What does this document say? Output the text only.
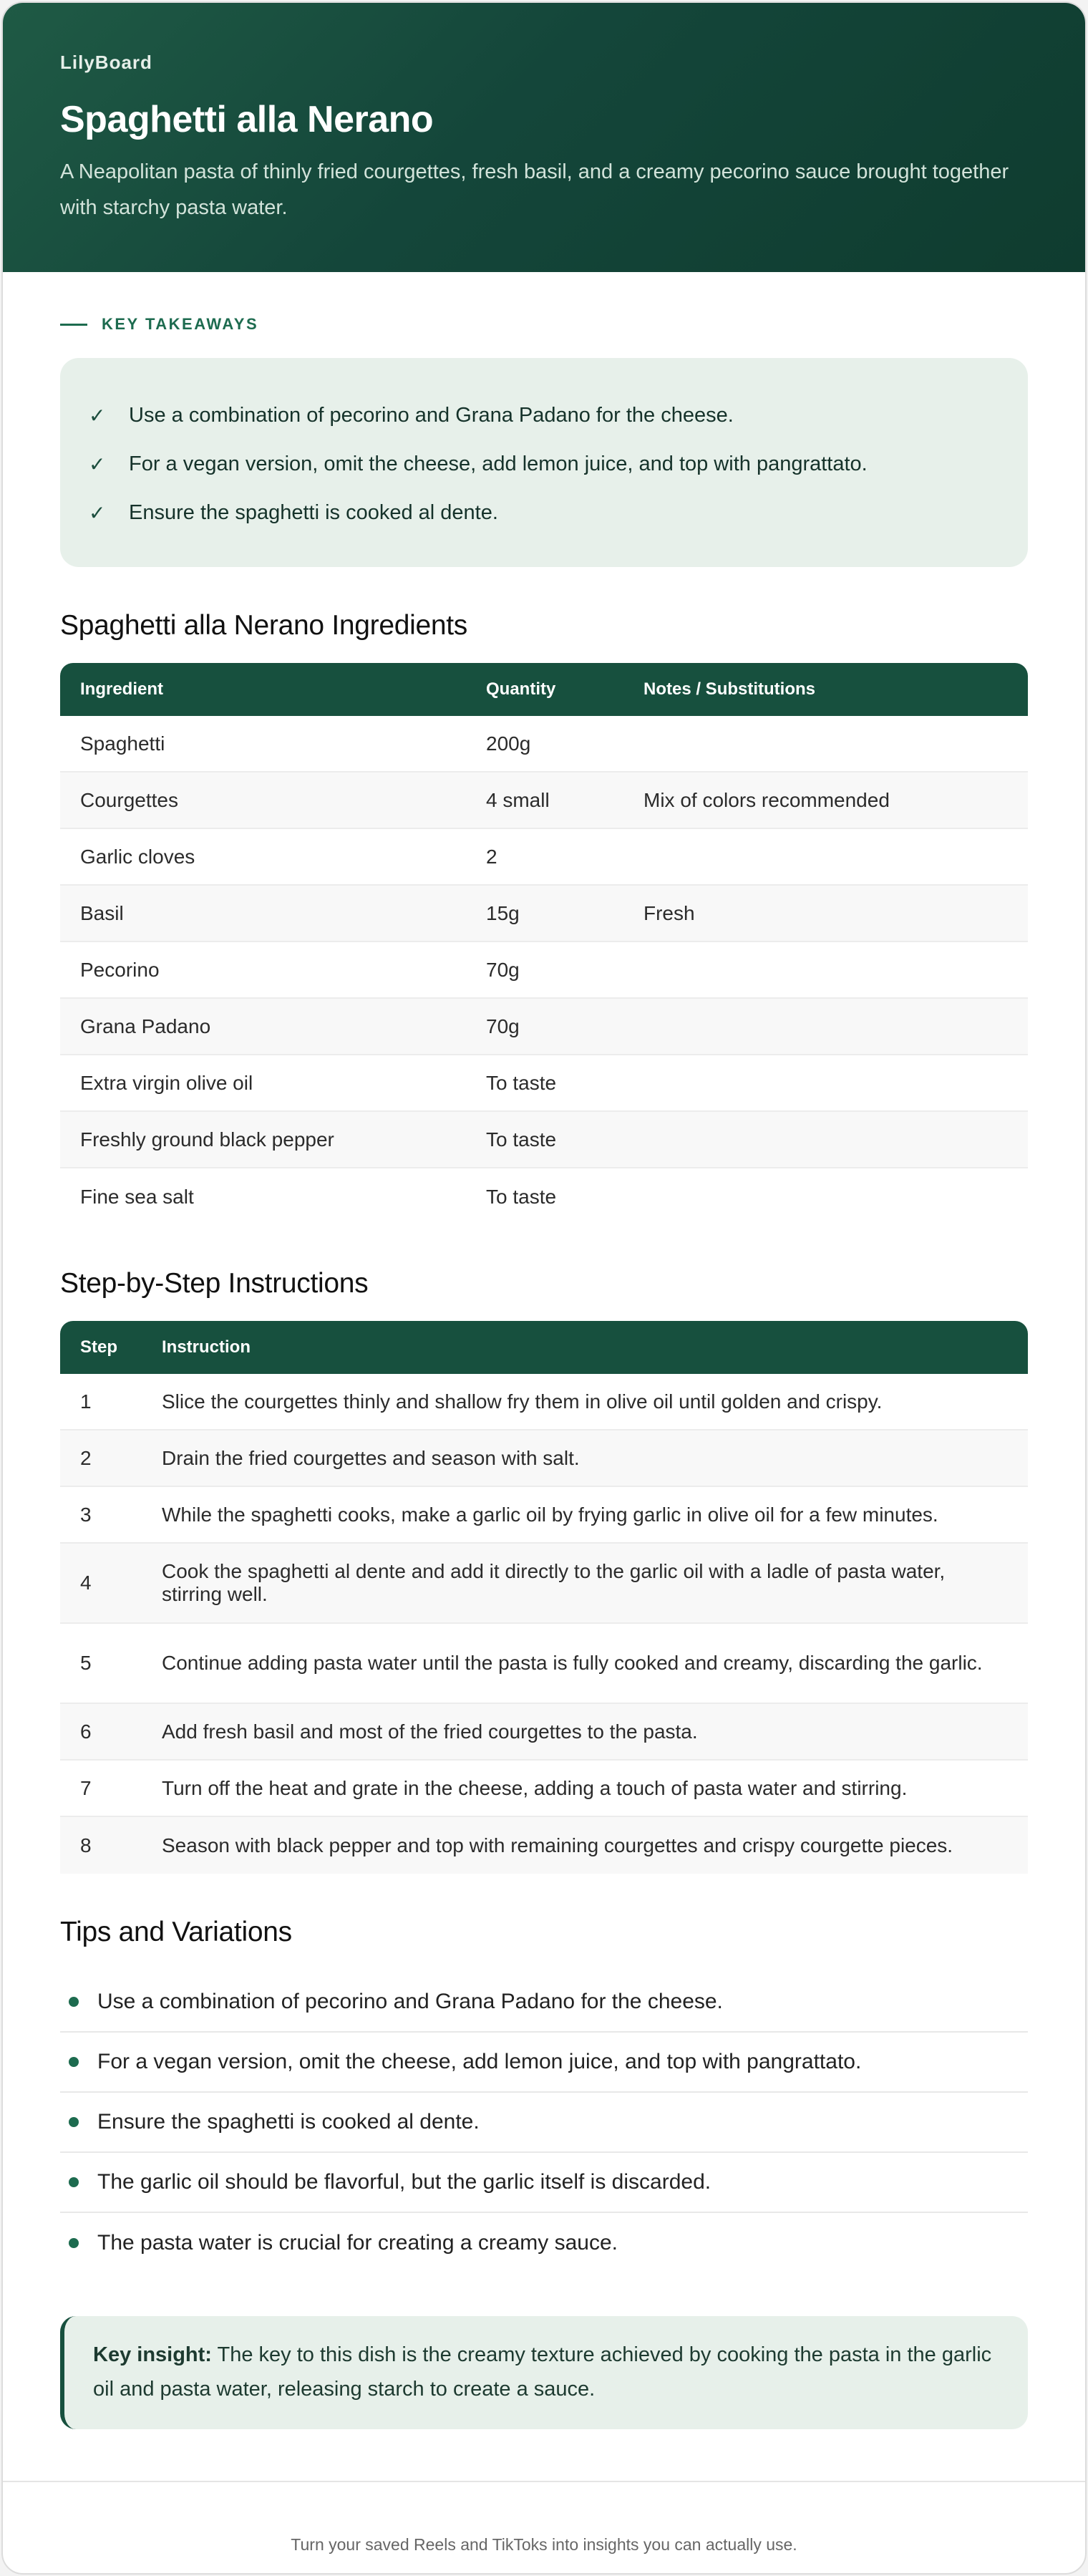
LilyBoard
Spaghetti alla Nerano

A Neapolitan pasta of thinly fried courgettes, fresh basil, and a creamy pecorino sauce brought together with starchy pasta water.

KEY TAKEAWAYS
✓ Use a combination of pecorino and Grana Padano for the cheese.
✓ For a vegan version, omit the cheese, add lemon juice, and top with pangrattato.
✓ Ensure the spaghetti is cooked al dente.
Spaghetti alla Nerano Ingredients
Ingredient	Quantity	Notes / Substitutions
Spaghetti	200g	
Courgettes	4 small	Mix of colors recommended
Garlic cloves	2	
Basil	15g	Fresh
Pecorino	70g	
Grana Padano	70g	
Extra virgin olive oil	To taste	
Freshly ground black pepper	To taste	
Fine sea salt	To taste	
Step-by-Step Instructions
Step	Instruction
1	Slice the courgettes thinly and shallow fry them in olive oil until golden and crispy.
2	Drain the fried courgettes and season with salt.
3	While the spaghetti cooks, make a garlic oil by frying garlic in olive oil for a few minutes.
4	Cook the spaghetti al dente and add it directly to the garlic oil with a ladle of pasta water, stirring well.
5	Continue adding pasta water until the pasta is fully cooked and creamy, discarding the garlic.
6	Add fresh basil and most of the fried courgettes to the pasta.
7	Turn off the heat and grate in the cheese, adding a touch of pasta water and stirring.
8	Season with black pepper and top with remaining courgettes and crispy courgette pieces.
Tips and Variations
Use a combination of pecorino and Grana Padano for the cheese.
For a vegan version, omit the cheese, add lemon juice, and top with pangrattato.
Ensure the spaghetti is cooked al dente.
The garlic oil should be flavorful, but the garlic itself is discarded.
The pasta water is crucial for creating a creamy sauce.
Key insight: The key to this dish is the creamy texture achieved by cooking the pasta in the garlic oil and pasta water, releasing starch to create a sauce.
Turn your saved Reels and TikToks into insights you can actually use.
